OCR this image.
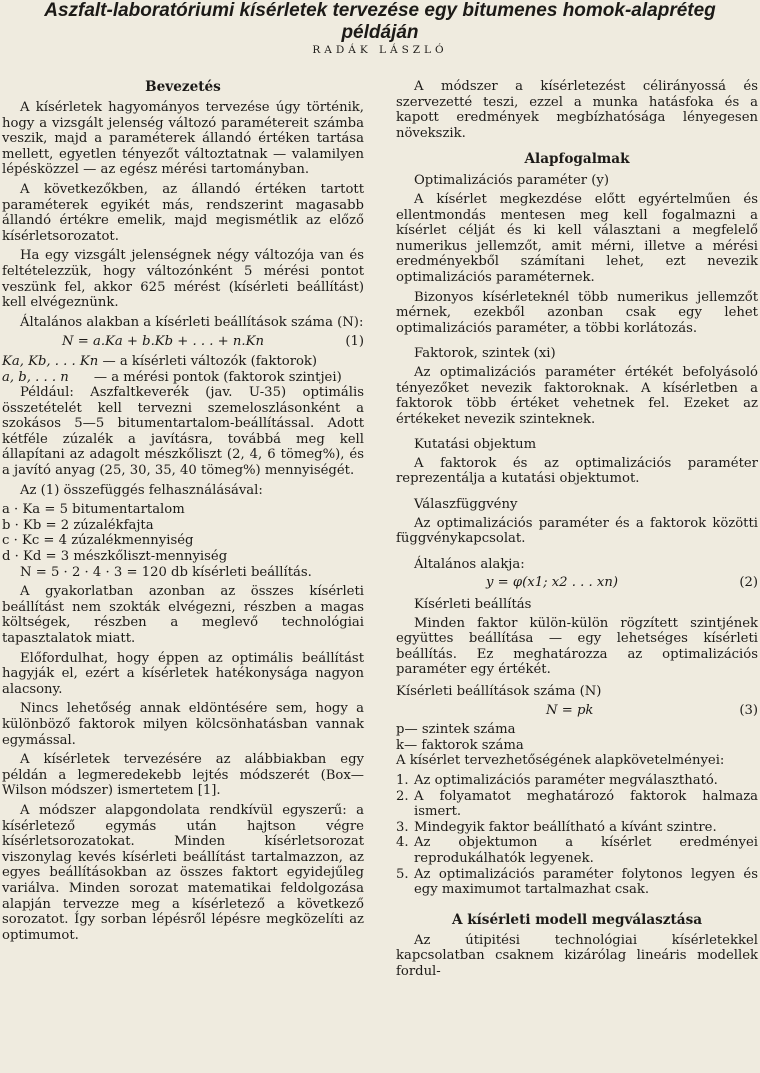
Aszfalt-laboratóriumi kísérletek tervezése egy bitumenes homok-alapréteg
példáján
RADÁK LÁSZLÓ
Bevezetés

A kísérletek hagyományos tervezése úgy történik, hogy a vizsgált jelenség változó paramétereit számba veszik, majd a paraméterek állandó értéken tartása mellett, egyetlen tényezőt változtatnak — valamilyen lépésközzel — az egész mérési tartományban.

A következőkben, az állandó értéken tartott paraméterek egyikét más, rendszerint magasabb állandó értékre emelik, majd megismétlik az előző kísérletsorozatot.

Ha egy vizsgált jelenségnek négy változója van és feltételezzük, hogy változónként 5 mérési pontot veszünk fel, akkor 625 mérést (kísérleti beállítást) kell elvégeznünk.

Általános alakban a kísérleti beállítások száma (N):

N = a.Ka + b.Kb + . . . + n.Kn	(1)
Ka, Kb, . . . Kn — a kísérleti változók (faktorok)
a, b, . . . n — a mérési pontok (faktorok szintjei)

Például: Aszfaltkeverék (jav. U-35) optimális összetételét kell tervezni szemeloszlásonként a szokásos 5—5 bitumentartalom-beállítással. Adott kétféle zúzalék a javításra, továbbá meg kell állapítani az adagolt mészkőliszt (2, 4, 6 tömeg%), és a javító anyag (25, 30, 35, 40 tömeg%) mennyiségét.

Az (1) összefüggés felhasználásával:

a · Ka = 5 bitumentartalom
b · Kb = 2 zúzalékfajta
c · Kc = 4 zúzalékmennyiség
d · Kd = 3 mészkőliszt-mennyiség

N = 5 · 2 · 4 · 3 = 120 db kísérleti beállítás.

A gyakorlatban azonban az összes kísérleti beállítást nem szokták elvégezni, részben a magas költségek, részben a meglevő technológiai tapasztalatok miatt.

Előfordulhat, hogy éppen az optimális beállítást hagyják el, ezért a kísérletek hatékonysága nagyon alacsony.

Nincs lehetőség annak eldöntésére sem, hogy a különböző faktorok milyen kölcsönhatásban vannak egymással.

A kísérletek tervezésére az alábbiakban egy példán a legmeredekebb lejtés módszerét (Box—Wilson módszer) ismertetem [1].

A módszer alapgondolata rendkívül egyszerű: a kísérletező egymás után hajtson végre kísérletsorozatokat. Minden kísérletsorozat viszonylag kevés kísérleti beállítást tartalmazzon, az egyes beállításokban az összes faktort egyidejűleg variálva. Minden sorozat matematikai feldolgozása alapján tervezze meg a kísérletező a következő sorozatot. Így sorban lépésről lépésre megközelíti az optimumot.

A módszer a kísérletezést célirányossá és szervezetté teszi, ezzel a munka hatásfoka és a kapott eredmények megbízhatósága lényegesen növekszik.

Alapfogalmak
Optimalizációs paraméter (y)

A kísérlet megkezdése előtt egyértelműen és ellentmondás mentesen meg kell fogalmazni a kísérlet célját és ki kell választani a megfelelő numerikus jellemzőt, amit mérni, illetve a mérési eredményekből számítani lehet, ezt nevezik optimalizációs paraméternek.

Bizonyos kísérleteknél több numerikus jellemzőt mérnek, ezekből azonban csak egy lehet optimalizációs paraméter, a többi korlátozás.

Faktorok, szintek (xi)

Az optimalizációs paraméter értékét befolyásoló tényezőket nevezik faktoroknak. A kísérletben a faktorok több értéket vehetnek fel. Ezeket az értékeket nevezik szinteknek.

Kutatási objektum

A faktorok és az optimalizációs paraméter reprezentálja a kutatási objektumot.

Válaszfüggvény

Az optimalizációs paraméter és a faktorok közötti függvénykapcsolat.

Általános alakja:
y = φ(x1; x2 . . . xn)	(2)
Kísérleti beállítás

Minden faktor külön-külön rögzített szintjének együttes beállítása — egy lehetséges kísérleti beállítás. Ez meghatározza az optimalizációs paraméter egy értékét.

Kísérleti beállítások száma (N)
N = pk	(3)
p— szintek száma
k— faktorok száma

A kísérlet tervezhetőségének alapkövetelményei:

1. Az optimalizációs paraméter megválasztható.
2. A folyamatot meghatározó faktorok halmaza ismert.
3. Mindegyik faktor beállítható a kívánt szintre.
4. Az objektumon a kísérlet eredményei reprodukálhatók legyenek.
5. Az optimalizációs paraméter folytonos legyen és egy maximumot tartalmazhat csak.
A kísérleti modell megválasztása

Az útipitési technológiai kísérletekkel kapcsolatban csaknem kizárólag lineáris modellek fordul-
